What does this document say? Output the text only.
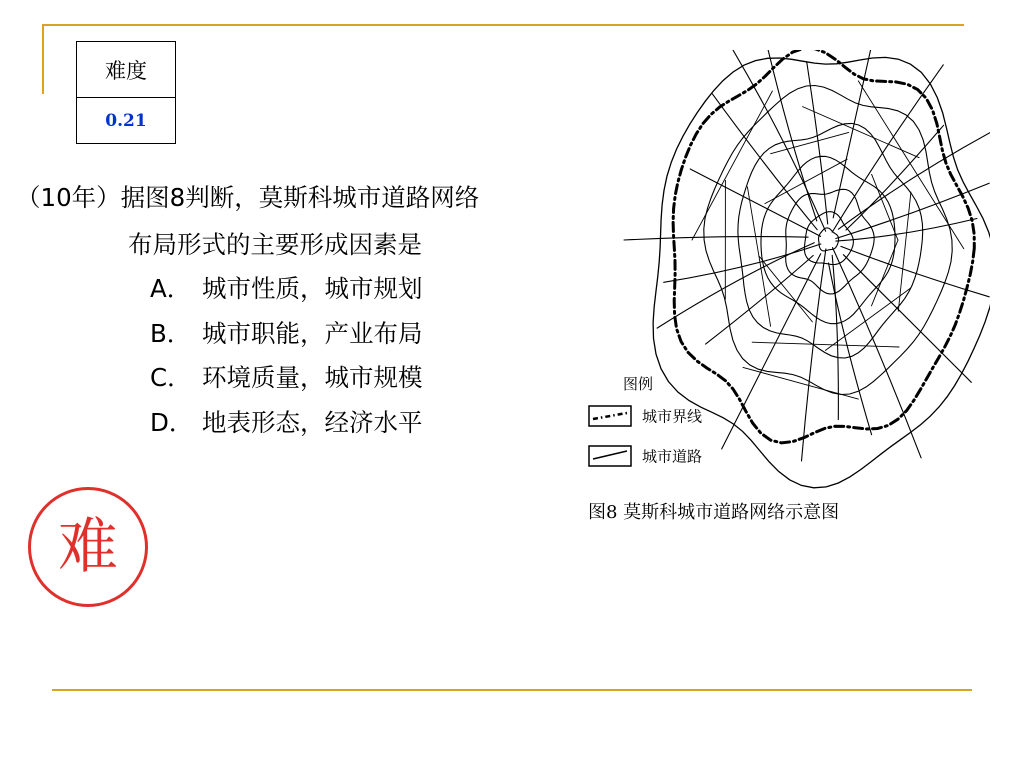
难度
0.21
（10年）据图8判断，莫斯科城市道路网络
布局形式的主要形成因素是
A． 城市性质，城市规划
B． 城市职能，产业布局
C． 环境质量，城市规模
D． 地表形态，经济水平
图例
城市界线
城市道路
图8 莫斯科城市道路网络示意图
难
